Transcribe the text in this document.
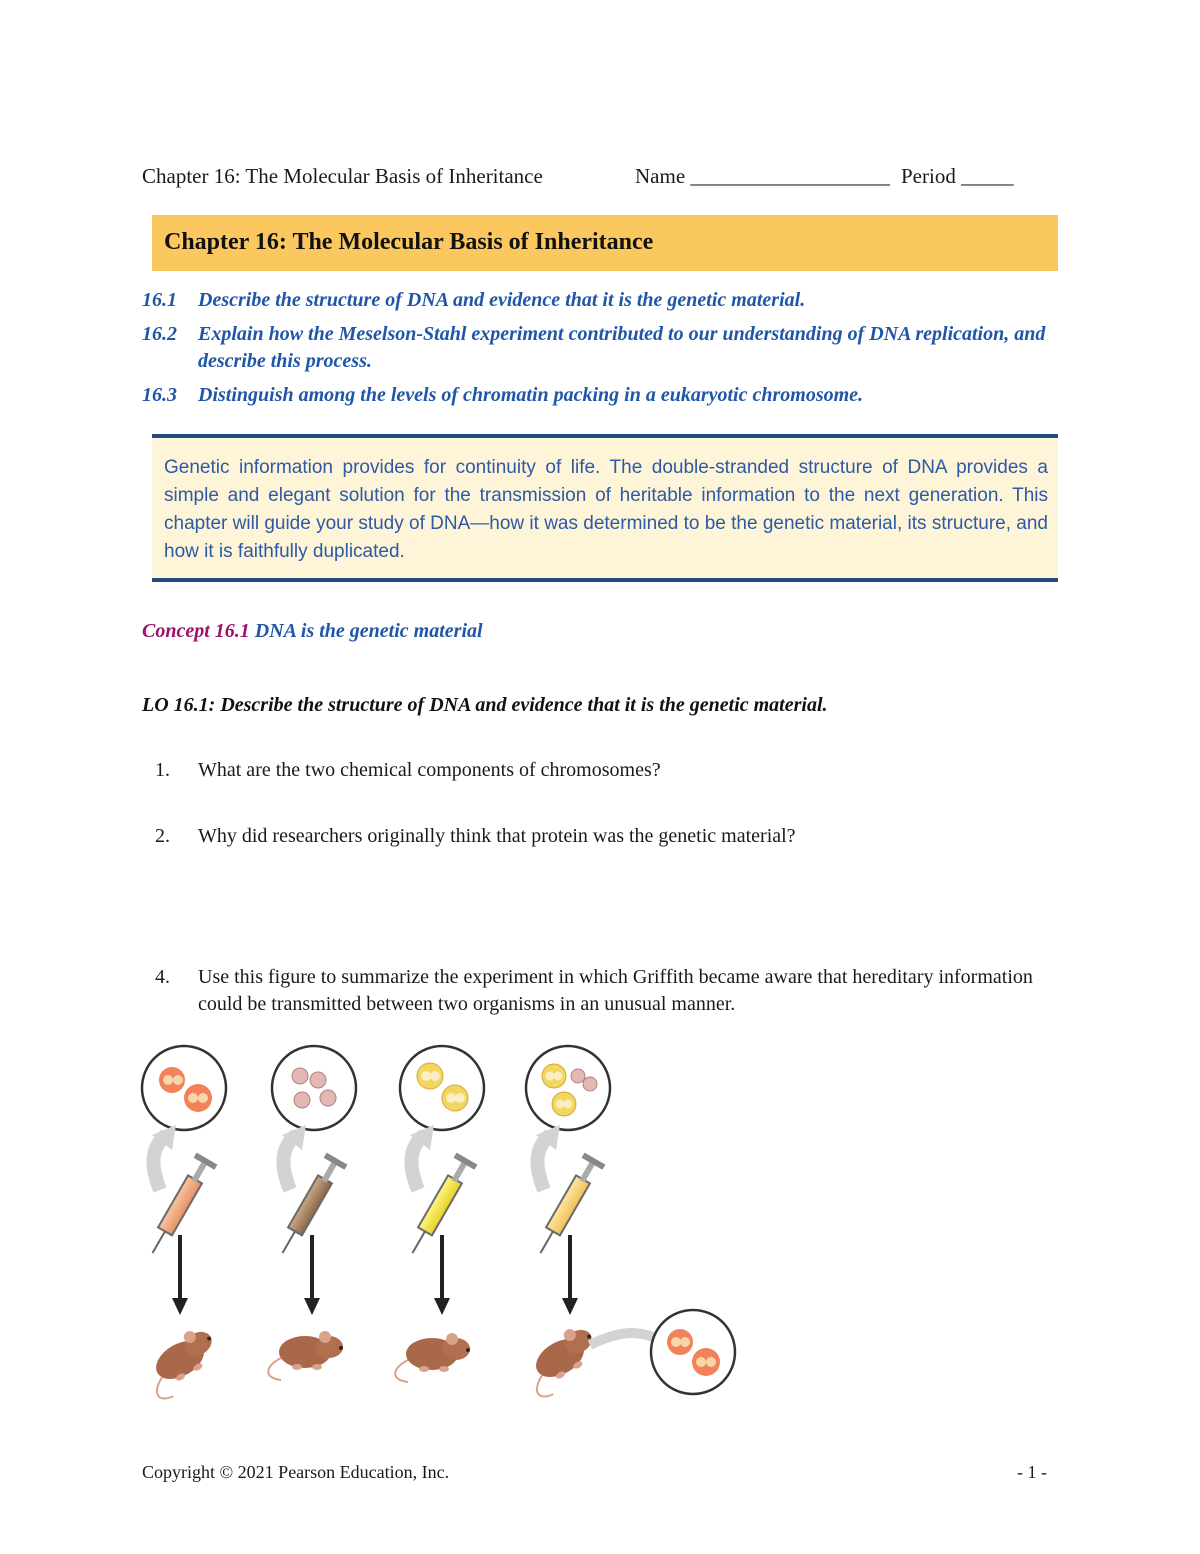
Chapter 16: The Molecular Basis of Inheritance

	Name ___________________

Period _____

Chapter 16: The Molecular Basis of Inheritance
16.1 Describe the structure of DNA and evidence that it is the genetic material.
16.2 Explain how the Meselson-Stahl experiment contributed to our understanding of DNA replication, and describe this process.
16.3 Distinguish among the levels of chromatin packing in a eukaryotic chromosome.

Genetic information provides for continuity of life. The double-stranded structure of DNA provides a simple and elegant solution for the transmission of heritable information to the next generation. This chapter will guide your study of DNA—how it was determined to be the genetic material, its structure, and how it is faithfully duplicated.

Concept 16.1 DNA is the genetic material
LO 16.1: Describe the structure of DNA and evidence that it is the genetic material.
1. What are the two chemical components of chromosomes?
2. Why did researchers originally think that protein was the genetic material?
4. Use this figure to summarize the experiment in which Griffith became aware that hereditary information could be transmitted between two organisms in an unusual manner.
Copyright © 2021 Pearson Education, Inc.	- 1 -
